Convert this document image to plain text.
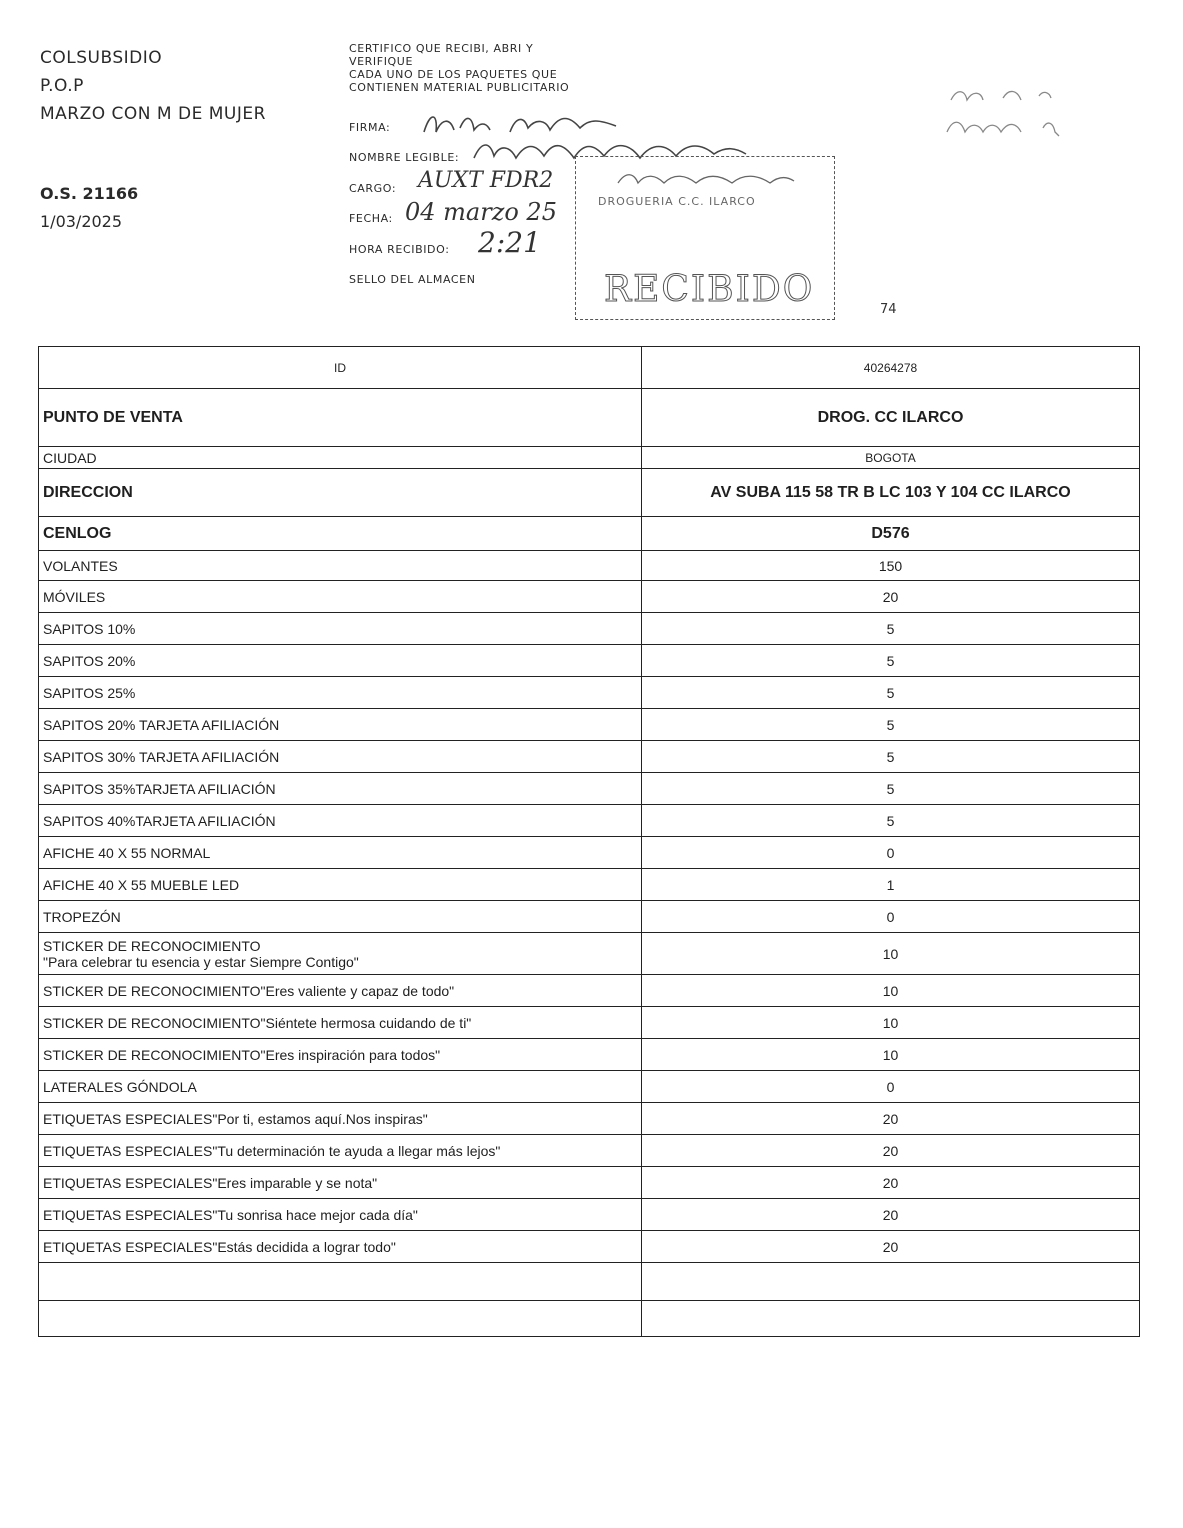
COLSUBSIDIO
P.O.P
MARZO CON M DE MUJER
O.S. 21166
1/03/2025
CERTIFICO QUE RECIBI, ABRI Y
VERIFIQUE
CADA UNO DE LOS PAQUETES QUE
CONTIENEN MATERIAL PUBLICITARIO
FIRMA:
NOMBRE LEGIBLE:
CARGO: AUXT FDR2
FECHA: 04 marzo 25
HORA RECIBIDO: 2:21
SELLO DEL ALMACEN
DROGUERIA C.C. ILARCO
RECIBIDO	74
ID	40264278

PUNTO DE VENTA	DROG. CC ILARCO

CIUDAD	BOGOTA

DIRECCION	AV SUBA 115 58 TR B LC 103 Y 104 CC ILARCO

CENLOG	D576

VOLANTES	150

MÓVILES	20

SAPITOS 10%	5

SAPITOS 20%	5

SAPITOS 25%	5

SAPITOS 20% TARJETA AFILIACIÓN	5

SAPITOS 30% TARJETA AFILIACIÓN	5

SAPITOS 35%TARJETA AFILIACIÓN	5

SAPITOS 40%TARJETA AFILIACIÓN	5

AFICHE 40 X 55 NORMAL	0

AFICHE 40 X 55 MUEBLE LED	1

TROPEZÓN	0

STICKER DE RECONOCIMIENTO
"Para celebrar tu esencia y estar Siempre Contigo"	10

STICKER DE RECONOCIMIENTO"Eres valiente y capaz de todo"	10

STICKER DE RECONOCIMIENTO"Siéntete hermosa cuidando de ti"	10

STICKER DE RECONOCIMIENTO"Eres inspiración para todos"	10

LATERALES GÓNDOLA	0

ETIQUETAS ESPECIALES"Por ti, estamos aquí.Nos inspiras"	20

ETIQUETAS ESPECIALES"Tu determinación te ayuda a llegar más lejos"	20

ETIQUETAS ESPECIALES"Eres imparable y se nota"	20

ETIQUETAS ESPECIALES"Tu sonrisa hace mejor cada día"	20

ETIQUETAS ESPECIALES"Estás decidida a lograr todo"	20
